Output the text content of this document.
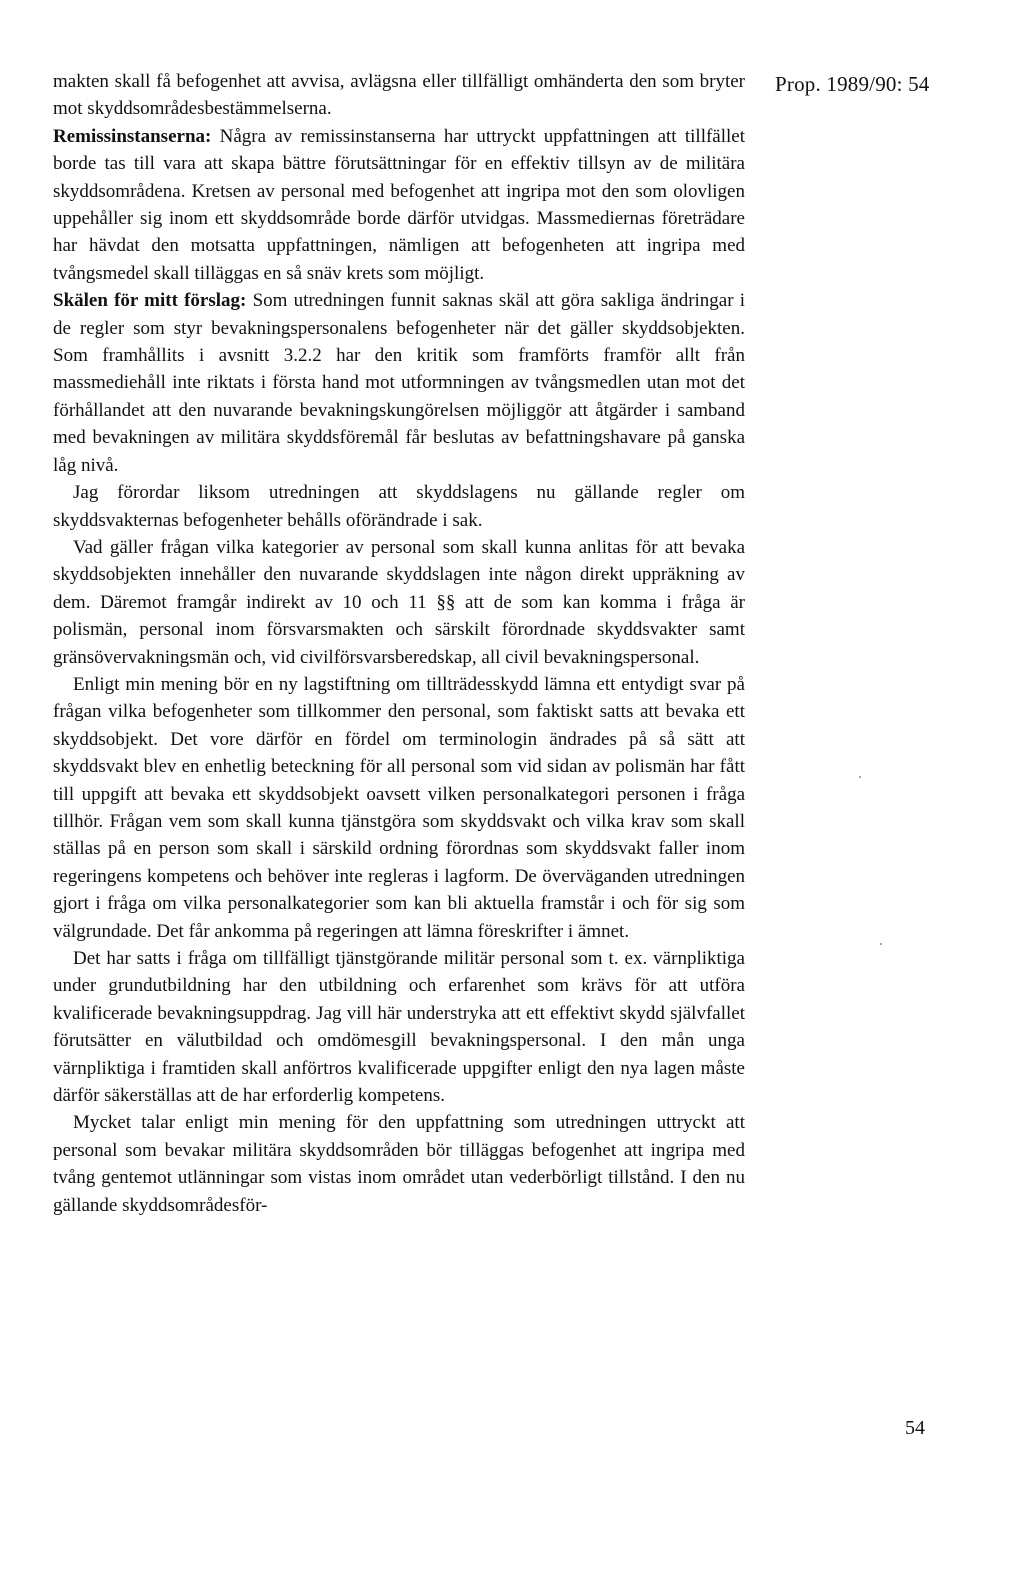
Prop. 1989/90: 54

makten skall få befogenhet att avvisa, avlägsna eller tillfälligt omhänderta den som bryter mot skyddsområdesbestämmelserna.

Remissinstanserna: Några av remissinstanserna har uttryckt uppfattningen att tillfället borde tas till vara att skapa bättre förutsättningar för en effektiv tillsyn av de militära skyddsområdena. Kretsen av personal med befogenhet att ingripa mot den som olovligen uppehåller sig inom ett skyddsområde borde därför utvidgas. Massmediernas företrädare har hävdat den motsatta uppfattningen, nämligen att befogenheten att ingripa med tvångsmedel skall tilläggas en så snäv krets som möjligt.

Skälen för mitt förslag: Som utredningen funnit saknas skäl att göra sakliga ändringar i de regler som styr bevakningspersonalens befogenheter när det gäller skyddsobjekten. Som framhållits i avsnitt 3.2.2 har den kritik som framförts framför allt från massmediehåll inte riktats i första hand mot utformningen av tvångsmedlen utan mot det förhållandet att den nuvarande bevakningskungörelsen möjliggör att åtgärder i samband med bevakningen av militära skyddsföremål får beslutas av befattningshavare på ganska låg nivå.

Jag förordar liksom utredningen att skyddslagens nu gällande regler om skyddsvakternas befogenheter behålls oförändrade i sak.

Vad gäller frågan vilka kategorier av personal som skall kunna anlitas för att bevaka skyddsobjekten innehåller den nuvarande skyddslagen inte någon direkt uppräkning av dem. Däremot framgår indirekt av 10 och 11 §§ att de som kan komma i fråga är polismän, personal inom försvarsmakten och särskilt förordnade skyddsvakter samt gränsövervakningsmän och, vid civilförsvarsberedskap, all civil bevakningspersonal.

Enligt min mening bör en ny lagstiftning om tillträdesskydd lämna ett entydigt svar på frågan vilka befogenheter som tillkommer den personal, som faktiskt satts att bevaka ett skyddsobjekt. Det vore därför en fördel om terminologin ändrades på så sätt att skyddsvakt blev en enhetlig beteckning för all personal som vid sidan av polismän har fått till uppgift att bevaka ett skyddsobjekt oavsett vilken personalkategori personen i fråga tillhör. Frågan vem som skall kunna tjänstgöra som skyddsvakt och vilka krav som skall ställas på en person som skall i särskild ordning förordnas som skyddsvakt faller inom regeringens kompetens och behöver inte regleras i lagform. De överväganden utredningen gjort i fråga om vilka personalkategorier som kan bli aktuella framstår i och för sig som välgrundade. Det får ankomma på regeringen att lämna föreskrifter i ämnet.

Det har satts i fråga om tillfälligt tjänstgörande militär personal som t. ex. värnpliktiga under grundutbildning har den utbildning och erfarenhet som krävs för att utföra kvalificerade bevakningsuppdrag. Jag vill här understryka att ett effektivt skydd självfallet förutsätter en välutbildad och omdömesgill bevakningspersonal. I den mån unga värnpliktiga i framtiden skall anförtros kvalificerade uppgifter enligt den nya lagen måste därför säkerställas att de har erforderlig kompetens.

Mycket talar enligt min mening för den uppfattning som utredningen uttryckt att personal som bevakar militära skyddsområden bör tilläggas befogenhet att ingripa med tvång gentemot utlänningar som vistas inom området utan vederbörligt tillstånd. I den nu gällande skyddsområdesför-

54
